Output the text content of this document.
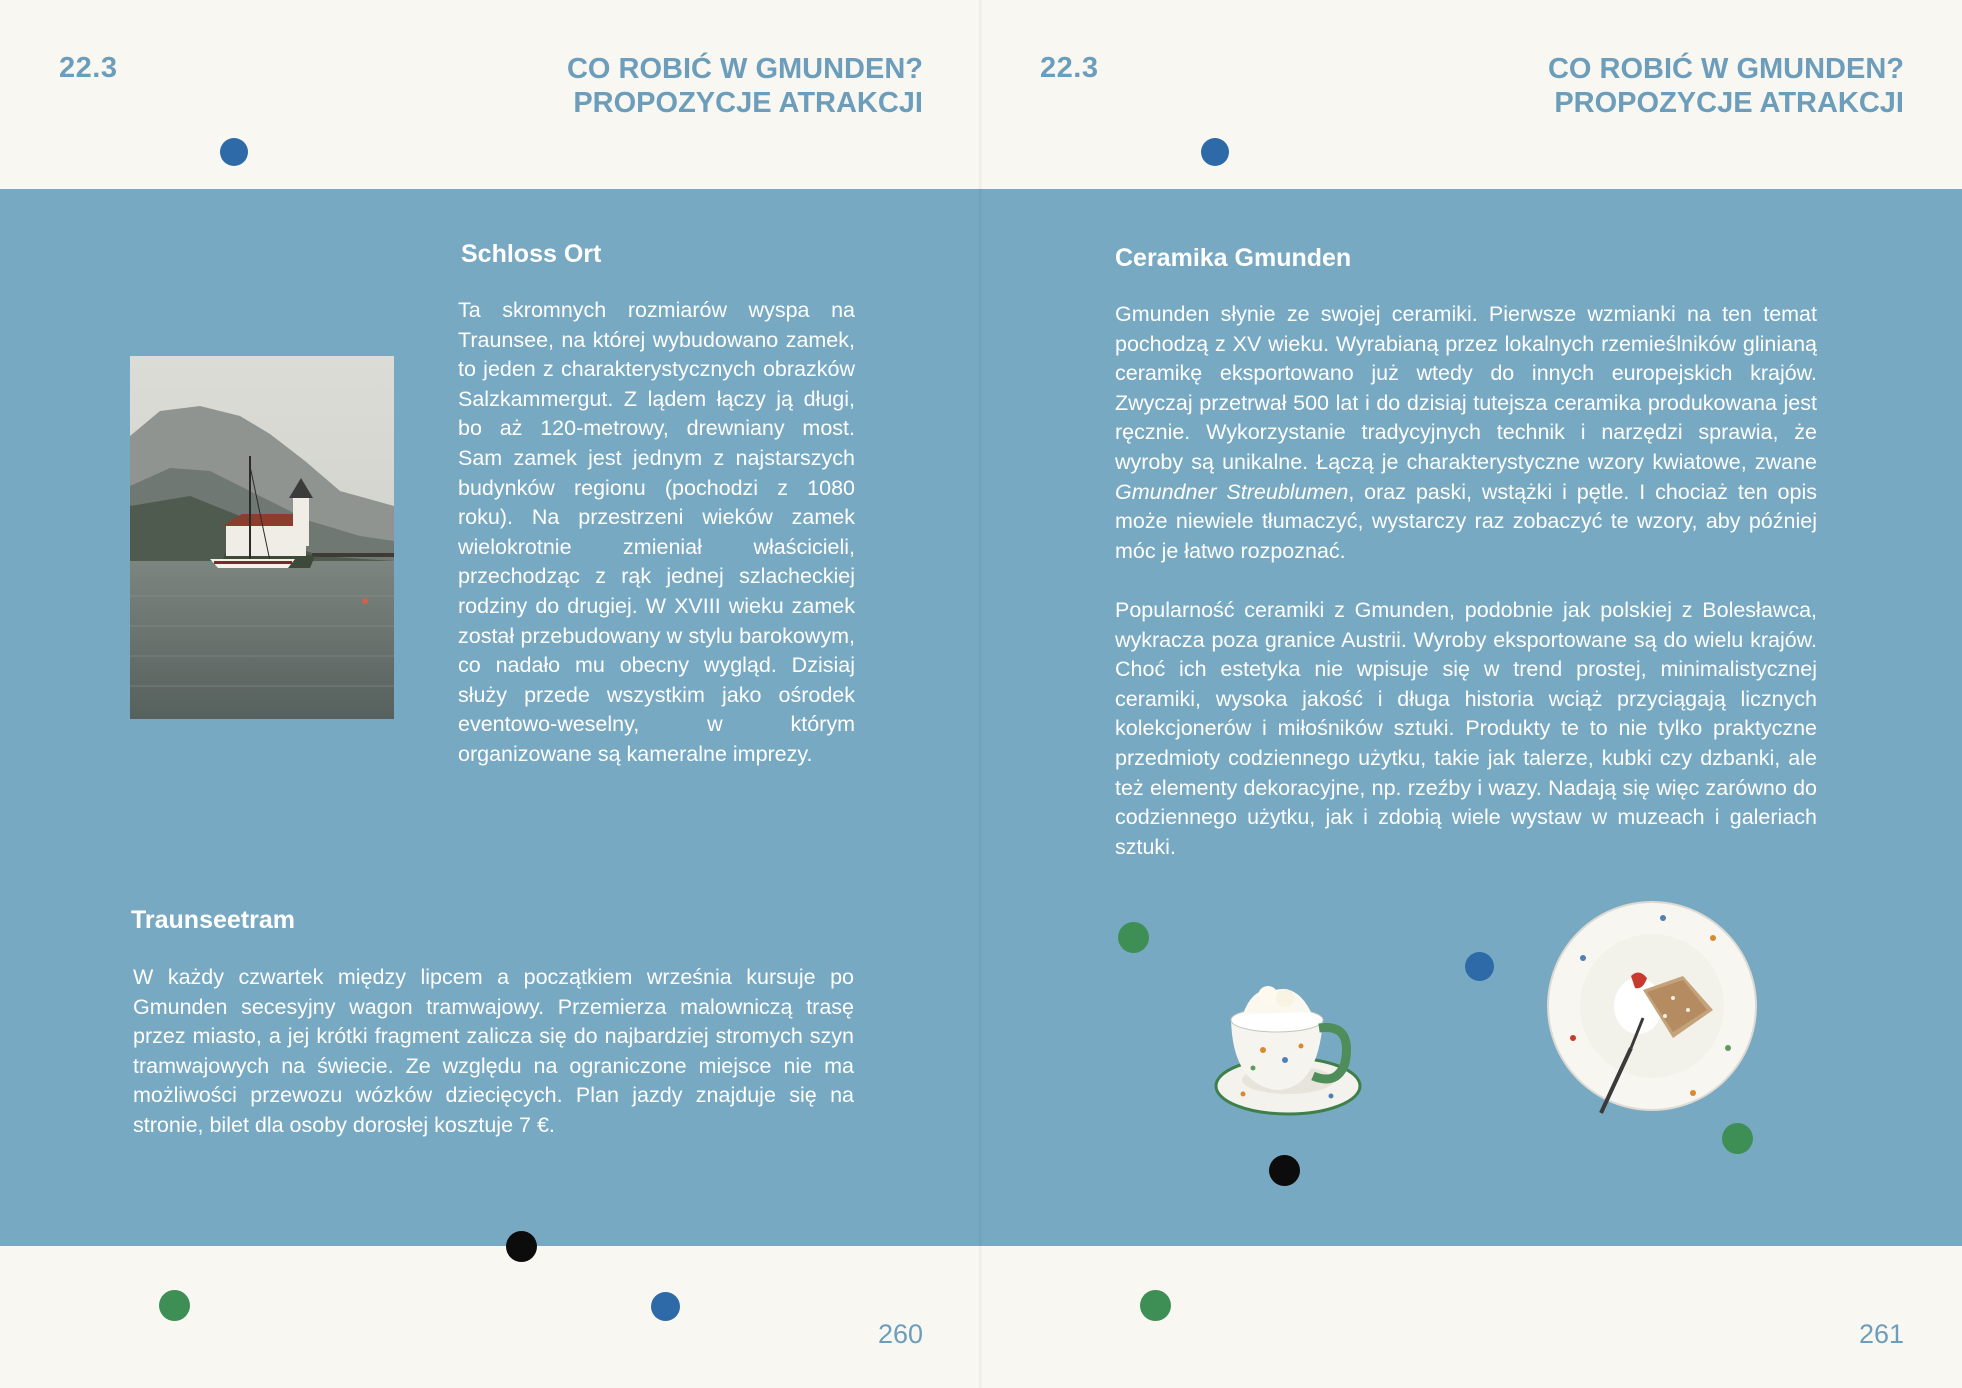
22.3	CO ROBIĆ W GMUNDEN?
PROPOZYCJE ATRAKCJI
Schloss Ort
Ta skromnych rozmiarów wyspa na Traunsee, na której wybudowano zamek, to jeden z charakterystycznych obrazków Salzkammergut. Z lądem łączy ją długi, bo aż 120-metrowy, drewniany most. Sam zamek jest jednym z najstarszych budynków regionu (pochodzi z 1080 roku). Na przestrzeni wieków zamek wielokrotnie zmieniał właścicieli, przechodząc z rąk jednej szlacheckiej rodziny do drugiej. W XVIII wieku zamek został przebudowany w stylu barokowym, co nadało mu obecny wygląd. Dzisiaj służy przede wszystkim jako ośrodek eventowo-weselny, w którym organizowane są kameralne imprezy.
Traunseetram
W każdy czwartek między lipcem a początkiem września kursuje po Gmunden secesyjny wagon tramwajowy. Przemierza malowniczą trasę przez miasto, a jej krótki fragment zalicza się do najbardziej stromych szyn tramwajowych na świecie. Ze względu na ograniczone miejsce nie ma możliwości przewozu wózków dziecięcych. Plan jazdy znajduje się na stronie, bilet dla osoby dorosłej kosztuje 7 €.
260
22.3	CO ROBIĆ W GMUNDEN?
PROPOZYCJE ATRAKCJI
Ceramika Gmunden
Gmunden słynie ze swojej ceramiki. Pierwsze wzmianki na ten temat pochodzą z XV wieku. Wyrabianą przez lokalnych rzemieślników glinianą ceramikę eksportowano już wtedy do innych europejskich krajów. Zwyczaj przetrwał 500 lat i do dzisiaj tutejsza ceramika produkowana jest ręcznie. Wykorzystanie tradycyjnych technik i narzędzi sprawia, że wyroby są unikalne. Łączą je charakterystyczne wzory kwiatowe, zwane Gmundner Streublumen, oraz paski, wstążki i pętle. I chociaż ten opis może niewiele tłumaczyć, wystarczy raz zobaczyć te wzory, aby później móc je łatwo rozpoznać.
Popularność ceramiki z Gmunden, podobnie jak polskiej z Bolesławca, wykracza poza granice Austrii. Wyroby eksportowane są do wielu krajów. Choć ich estetyka nie wpisuje się w trend prostej, minimalistycznej ceramiki, wysoka jakość i długa historia wciąż przyciągają licznych kolekcjonerów i miłośników sztuki. Produkty te to nie tylko praktyczne przedmioty codziennego użytku, takie jak talerze, kubki czy dzbanki, ale też elementy dekoracyjne, np. rzeźby i wazy. Nadają się więc zarówno do codziennego użytku, jak i zdobią wiele wystaw w muzeach i galeriach sztuki.
261
